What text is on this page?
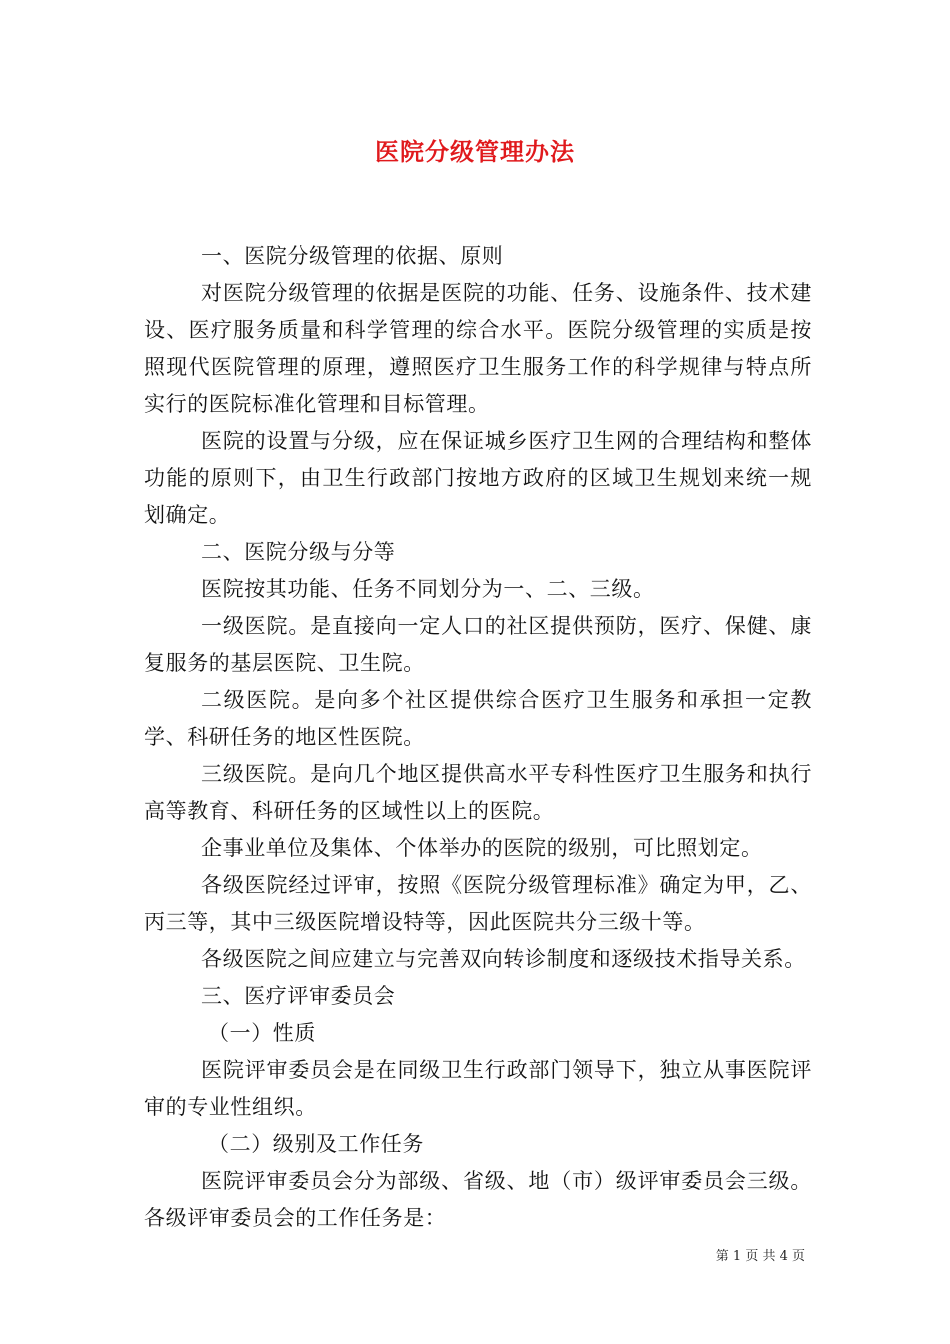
医院分级管理办法

一、医院分级管理的依据、原则

对医院分级管理的依据是医院的功能、任务、设施条件、技术建设、医疗服务质量和科学管理的综合水平。医院分级管理的实质是按照现代医院管理的原理，遵照医疗卫生服务工作的科学规律与特点所实行的医院标准化管理和目标管理。

医院的设置与分级，应在保证城乡医疗卫生网的合理结构和整体功能的原则下，由卫生行政部门按地方政府的区域卫生规划来统一规划确定。

二、医院分级与分等

医院按其功能、任务不同划分为一、二、三级。

一级医院。是直接向一定人口的社区提供预防，医疗、保健、康复服务的基层医院、卫生院。

二级医院。是向多个社区提供综合医疗卫生服务和承担一定教学、科研任务的地区性医院。

三级医院。是向几个地区提供高水平专科性医疗卫生服务和执行高等教育、科研任务的区域性以上的医院。

企事业单位及集体、个体举办的医院的级别，可比照划定。

各级医院经过评审，按照《医院分级管理标准》确定为甲，乙、丙三等，其中三级医院增设特等，因此医院共分三级十等。

各级医院之间应建立与完善双向转诊制度和逐级技术指导关系。

三、医疗评审委员会

（一）性质

医院评审委员会是在同级卫生行政部门领导下，独立从事医院评审的专业性组织。

（二）级别及工作任务

医院评审委员会分为部级、省级、地（市）级评审委员会三级。各级评审委员会的工作任务是：

第 1 页 共 4 页
